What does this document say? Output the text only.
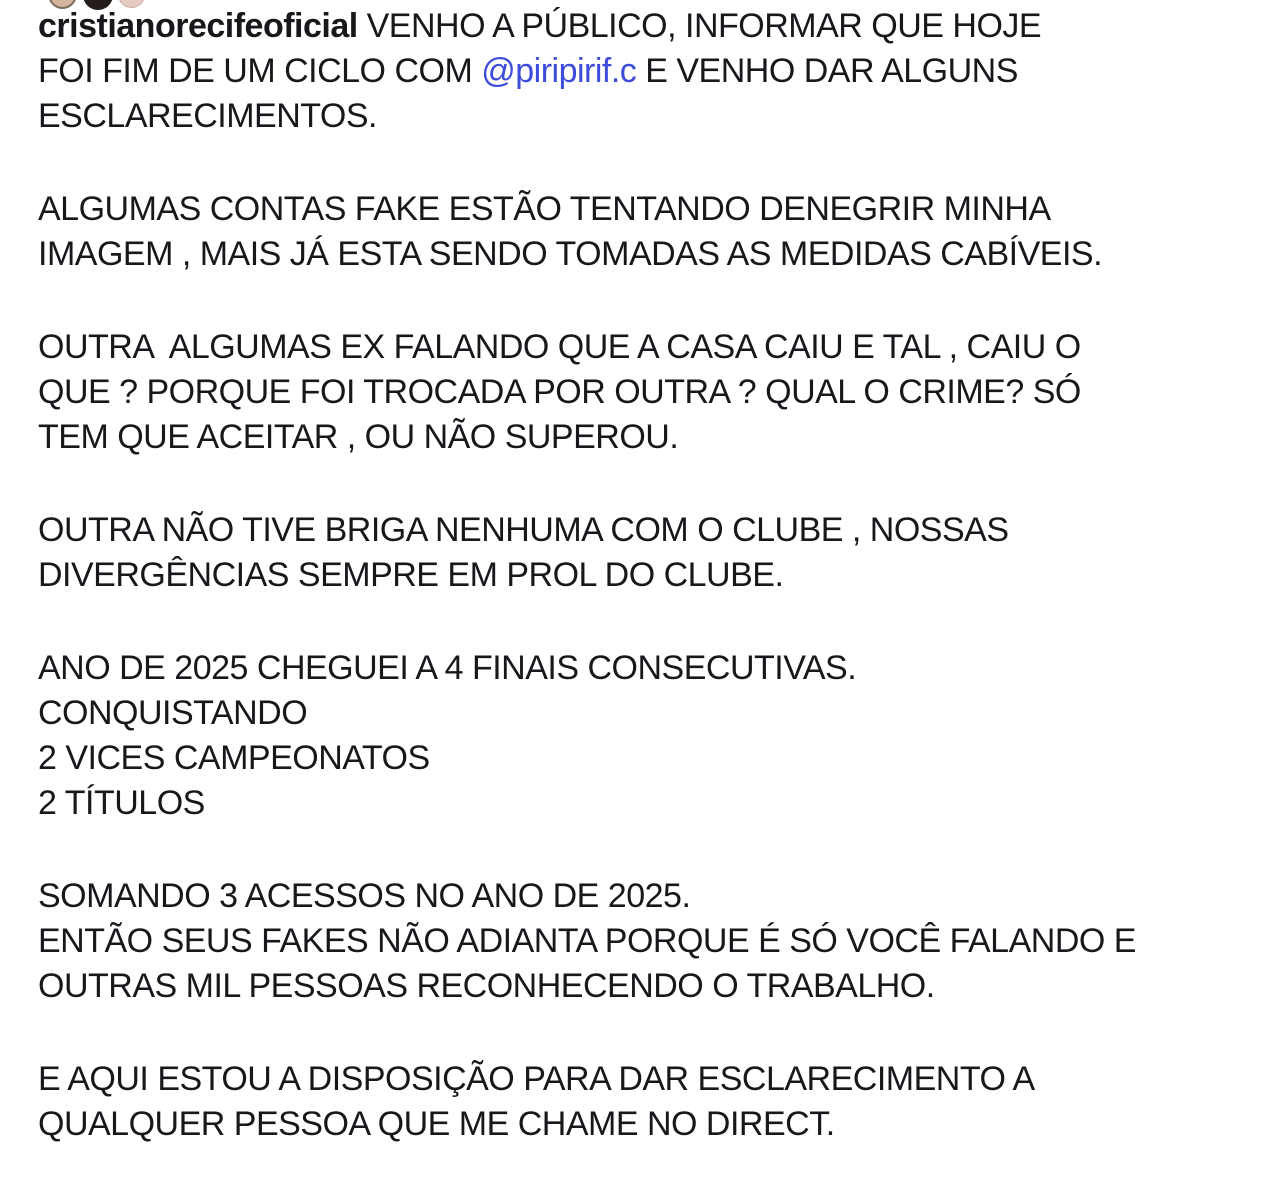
cristianorecifeoficial VENHO A PÚBLICO, INFORMAR QUE HOJE
FOI FIM DE UM CICLO COM @piripirif.c E VENHO DAR ALGUNS
ESCLARECIMENTOS.
ALGUMAS CONTAS FAKE ESTÃO TENTANDO DENEGRIR MINHA
IMAGEM , MAIS JÁ ESTA SENDO TOMADAS AS MEDIDAS CABÍVEIS.
OUTRA  ALGUMAS EX FALANDO QUE A CASA CAIU E TAL , CAIU O
QUE ? PORQUE FOI TROCADA POR OUTRA ? QUAL O CRIME? SÓ
TEM QUE ACEITAR , OU NÃO SUPEROU.
OUTRA NÃO TIVE BRIGA NENHUMA COM O CLUBE , NOSSAS
DIVERGÊNCIAS SEMPRE EM PROL DO CLUBE.
ANO DE 2025 CHEGUEI A 4 FINAIS CONSECUTIVAS.
CONQUISTANDO
2 VICES CAMPEONATOS
2 TÍTULOS
SOMANDO 3 ACESSOS NO ANO DE 2025.
ENTÃO SEUS FAKES NÃO ADIANTA PORQUE É SÓ VOCÊ FALANDO E
OUTRAS MIL PESSOAS RECONHECENDO O TRABALHO.
E AQUI ESTOU A DISPOSIÇÃO PARA DAR ESCLARECIMENTO A
QUALQUER PESSOA QUE ME CHAME NO DIRECT.
